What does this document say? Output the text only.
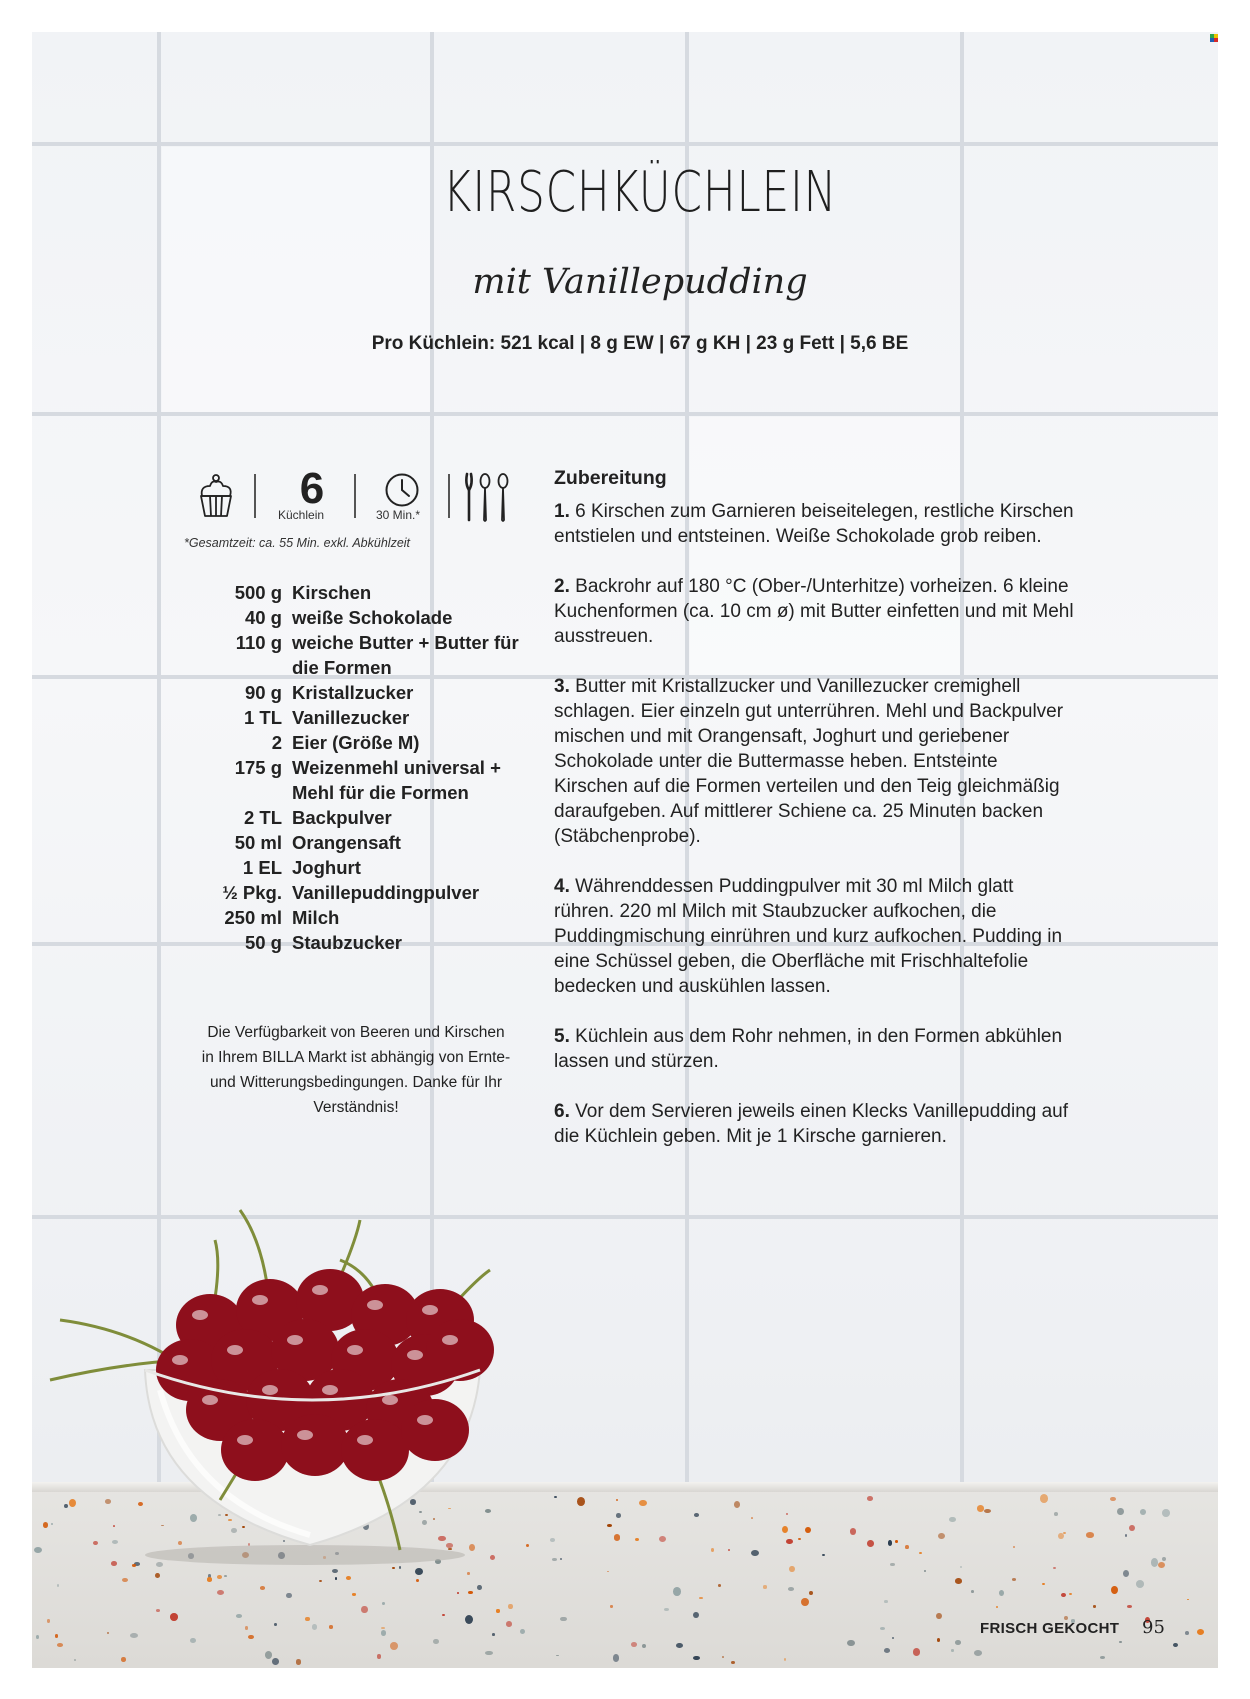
KIRSCHKÜCHLEIN
mit Vanillepudding
Pro Küchlein: 521 kcal | 8 g EW | 67 g KH | 23 g Fett | 5,6 BE
6
Küchlein	30 Min.*
*Gesamtzeit: ca. 55 Min. exkl. Abkühlzeit
500 g Kirschen
40 g weiße Schokolade
110 g weiche Butter + Butter für die Formen
90 g Kristallzucker
1 TL Vanillezucker
2 Eier (Größe M)
175 g Weizenmehl universal + Mehl für die Formen
2 TL Backpulver
50 ml Orangensaft
1 EL Joghurt
½ Pkg. Vanillepuddingpulver
250 ml Milch
50 g Staubzucker
Die Verfügbarkeit von Beeren und Kirschen in Ihrem BILLA Markt ist abhängig von Ernte- und Witterungsbedingungen. Danke für Ihr Verständnis!
Zubereitung
1. 6 Kirschen zum Garnieren beiseitelegen, restliche Kirschen entstielen und entsteinen. Weiße Schokolade grob reiben.
2. Backrohr auf 180 °C (Ober-/Unterhitze) vorheizen. 6 kleine Kuchenformen (ca. 10 cm ø) mit Butter einfetten und mit Mehl ausstreuen.
3. Butter mit Kristallzucker und Vanillezucker cremighell schlagen. Eier einzeln gut unterrühren. Mehl und Backpulver mischen und mit Orangensaft, Joghurt und geriebener Schokolade unter die Buttermasse heben. Entsteinte Kirschen auf die Formen verteilen und den Teig gleichmäßig daraufgeben. Auf mittlerer Schiene ca. 25 Minuten backen (Stäbchenprobe).
4. Währenddessen Puddingpulver mit 30 ml Milch glatt rühren. 220 ml Milch mit Staubzucker aufkochen, die Puddingmischung einrühren und kurz aufkochen. Pudding in eine Schüssel geben, die Oberfläche mit Frischhaltefolie bedecken und auskühlen lassen.
5. Küchlein aus dem Rohr nehmen, in den Formen abkühlen lassen und stürzen.
6. Vor dem Servieren jeweils einen Klecks Vanillepudding auf die Küchlein geben. Mit je 1 Kirsche garnieren.
FRISCH GEKOCHT 95
